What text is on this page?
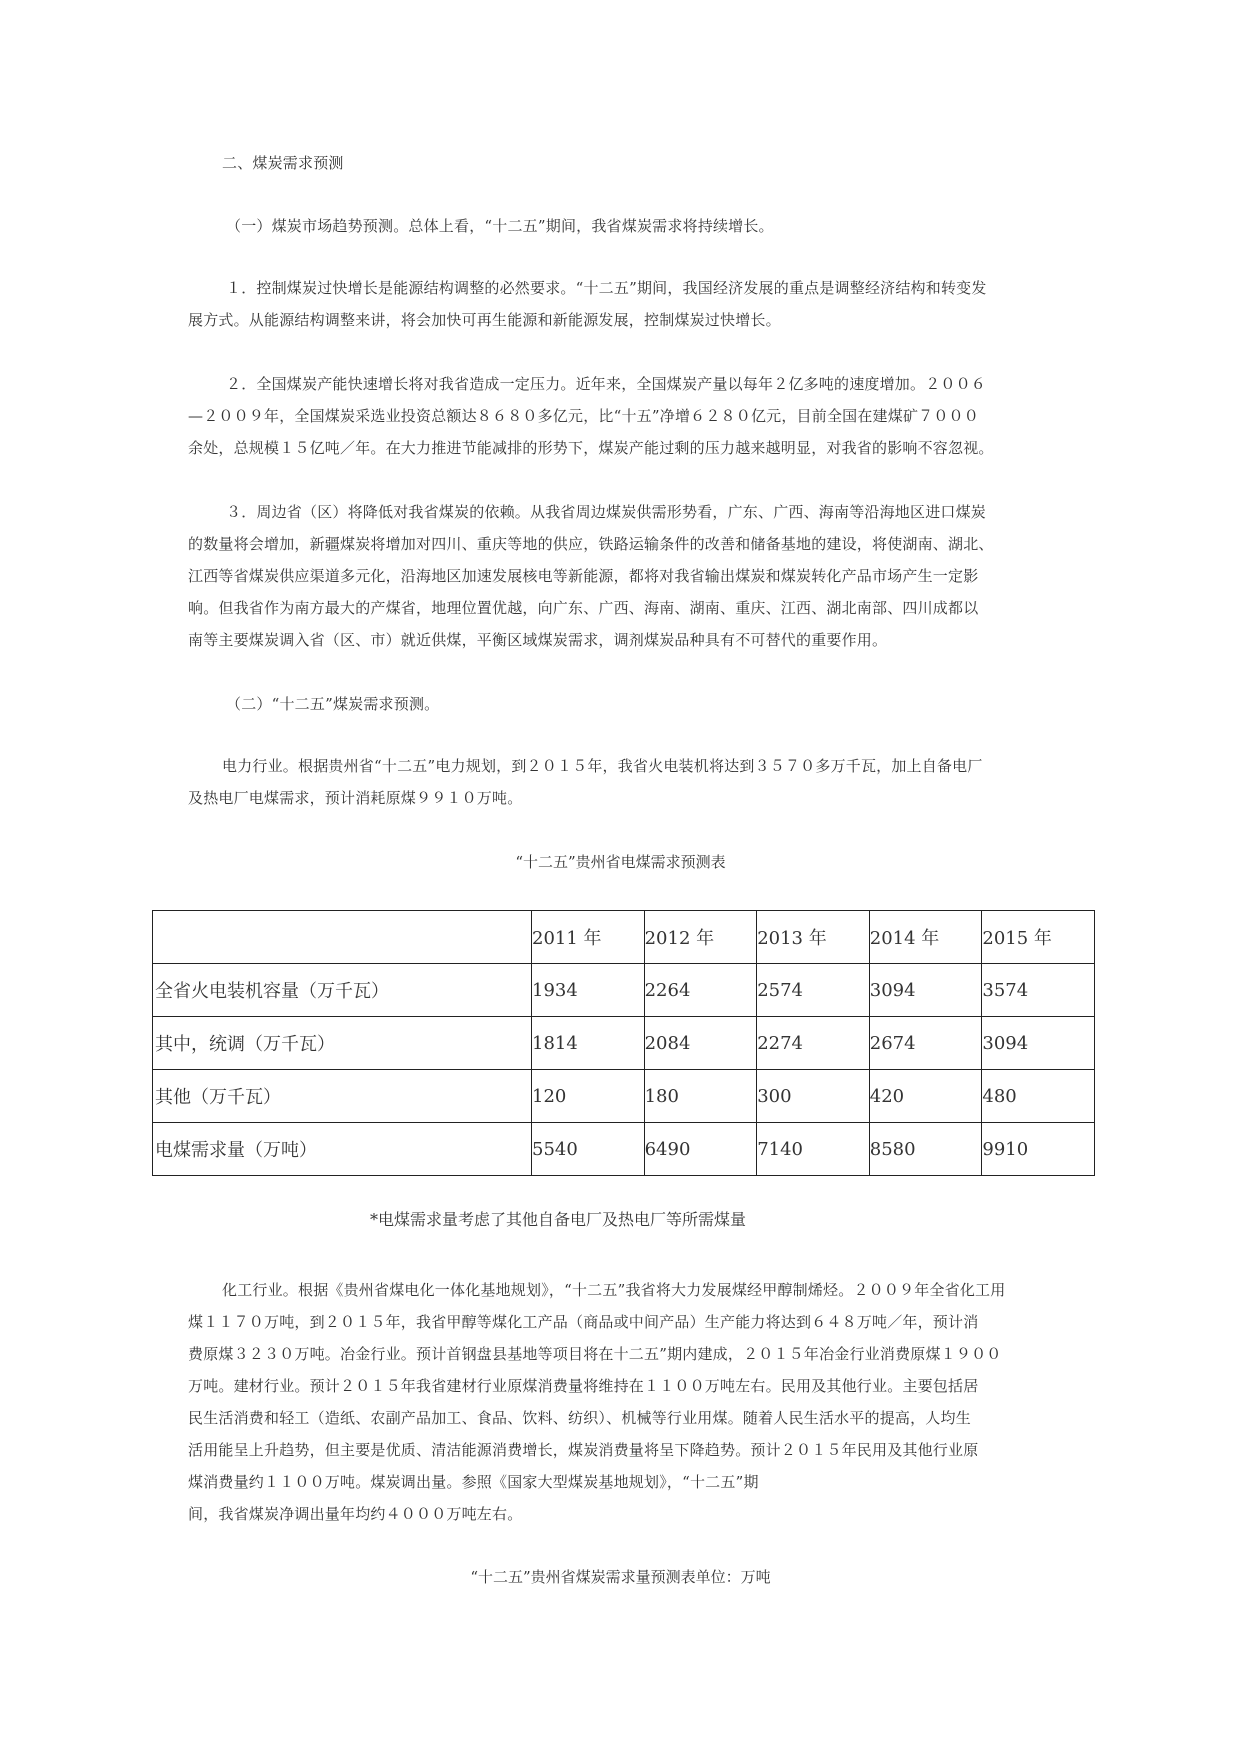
二、煤炭需求预测
（一）煤炭市场趋势预测。总体上看，“十二五”期间，我省煤炭需求将持续增长。
１．控制煤炭过快增长是能源结构调整的必然要求。“十二五”期间，我国经济发展的重点是调整经济结构和转变发
展方式。从能源结构调整来讲，将会加快可再生能源和新能源发展，控制煤炭过快增长。
２．全国煤炭产能快速增长将对我省造成一定压力。近年来，全国煤炭产量以每年２亿多吨的速度增加。２００６
—２００９年，全国煤炭采选业投资总额达８６８０多亿元，比“十五”净增６２８０亿元，目前全国在建煤矿７０００
余处，总规模１５亿吨／年。在大力推进节能减排的形势下，煤炭产能过剩的压力越来越明显，对我省的影响不容忽视。
３．周边省（区）将降低对我省煤炭的依赖。从我省周边煤炭供需形势看，广东、广西、海南等沿海地区进口煤炭
的数量将会增加，新疆煤炭将增加对四川、重庆等地的供应，铁路运输条件的改善和储备基地的建设，将使湖南、湖北、
江西等省煤炭供应渠道多元化，沿海地区加速发展核电等新能源，都将对我省输出煤炭和煤炭转化产品市场产生一定影
响。但我省作为南方最大的产煤省，地理位置优越，向广东、广西、海南、湖南、重庆、江西、湖北南部、四川成都以
南等主要煤炭调入省（区、市）就近供煤，平衡区域煤炭需求，调剂煤炭品种具有不可替代的重要作用。
（二）“十二五”煤炭需求预测。
电力行业。根据贵州省“十二五”电力规划，到２０１５年，我省火电装机将达到３５７０多万千瓦，加上自备电厂
及热电厂电煤需求，预计消耗原煤９９１０万吨。
“十二五”贵州省电煤需求预测表
	2011 年	2012 年	2013 年	2014 年	2015 年
全省火电装机容量（万千瓦）	1934	2264	2574	3094	3574
其中，统调（万千瓦）	1814	2084	2274	2674	3094
其他（万千瓦）	120	180	300	420	480
电煤需求量（万吨）	5540	6490	7140	8580	9910
*电煤需求量考虑了其他自备电厂及热电厂等所需煤量
化工行业。根据《贵州省煤电化一体化基地规划》，“十二五”我省将大力发展煤经甲醇制烯烃。２００９年全省化工用
煤１１７０万吨，到２０１５年，我省甲醇等煤化工产品（商品或中间产品）生产能力将达到６４８万吨／年，预计消
费原煤３２３０万吨。冶金行业。预计首钢盘县基地等项目将在十二五”期内建成，２０１５年冶金行业消费原煤１９００
万吨。建材行业。预计２０１５年我省建材行业原煤消费量将维持在１１００万吨左右。民用及其他行业。主要包括居
民生活消费和轻工（造纸、农副产品加工、食品、饮料、纺织）、机械等行业用煤。随着人民生活水平的提高，人均生
活用能呈上升趋势，但主要是优质、清洁能源消费增长，煤炭消费量将呈下降趋势。预计２０１５年民用及其他行业原
煤消费量约１１００万吨。煤炭调出量。参照《国家大型煤炭基地规划》，“十二五”期
间，我省煤炭净调出量年均约４０００万吨左右。
“十二五”贵州省煤炭需求量预测表单位：万吨
